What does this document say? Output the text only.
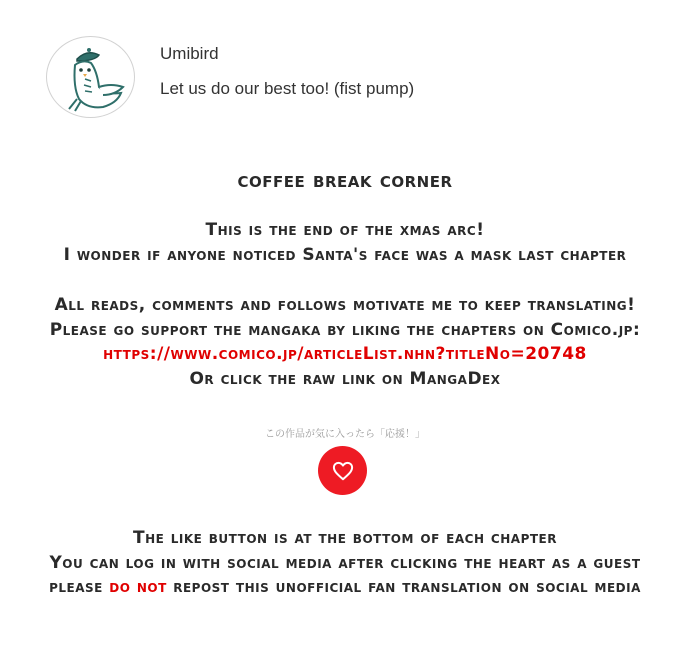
Umibird
Let us do our best too! (fist pump)
coffee break corner
This is the end of the xmas arc!
I wonder if anyone noticed Santa's face was a mask last chapter
All reads, comments and follows motivate me to keep translating!
Please go support the mangaka by liking the chapters on Comico.jp:
https://www.comico.jp/articleList.nhn?titleNo=20748
Or click the raw link on MangaDex
この作品が気に入ったら「応援！」
The like button is at the bottom of each chapter
You can log in with social media after clicking the heart as a guest
please do not repost this unofficial fan translation on social media
